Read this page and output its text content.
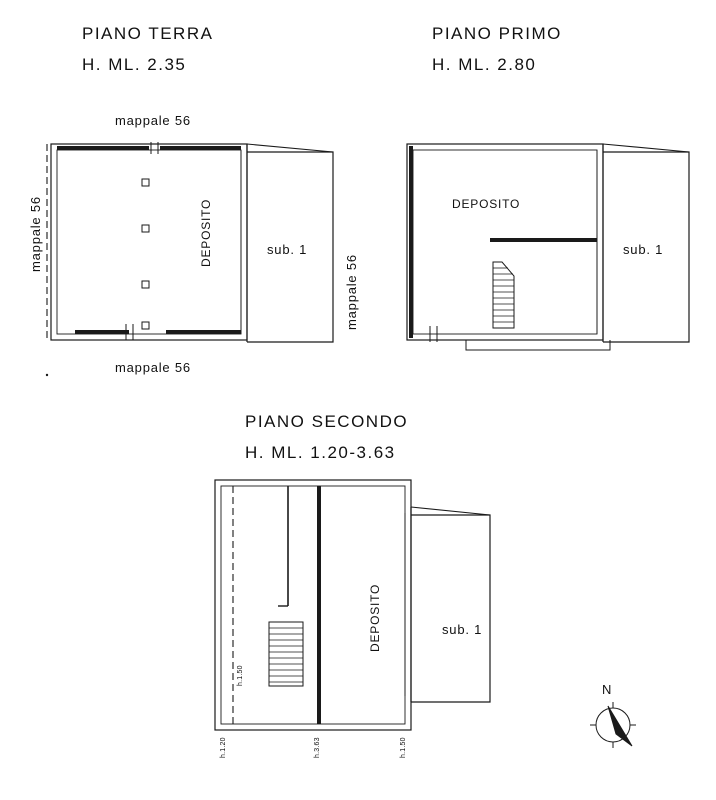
PIANO TERRA
H. ML. 2.35
mappale 56
mappale 56
mappale 56
DEPOSITO	sub. 1
PIANO PRIMO
H. ML. 2.80
mappale 56
DEPOSITO
sub. 1
PIANO SECONDO
H. ML. 1.20-3.63
DEPOSITO	sub. 1
h.1.50
h.1.20	h.3.63	h.1.50
N
